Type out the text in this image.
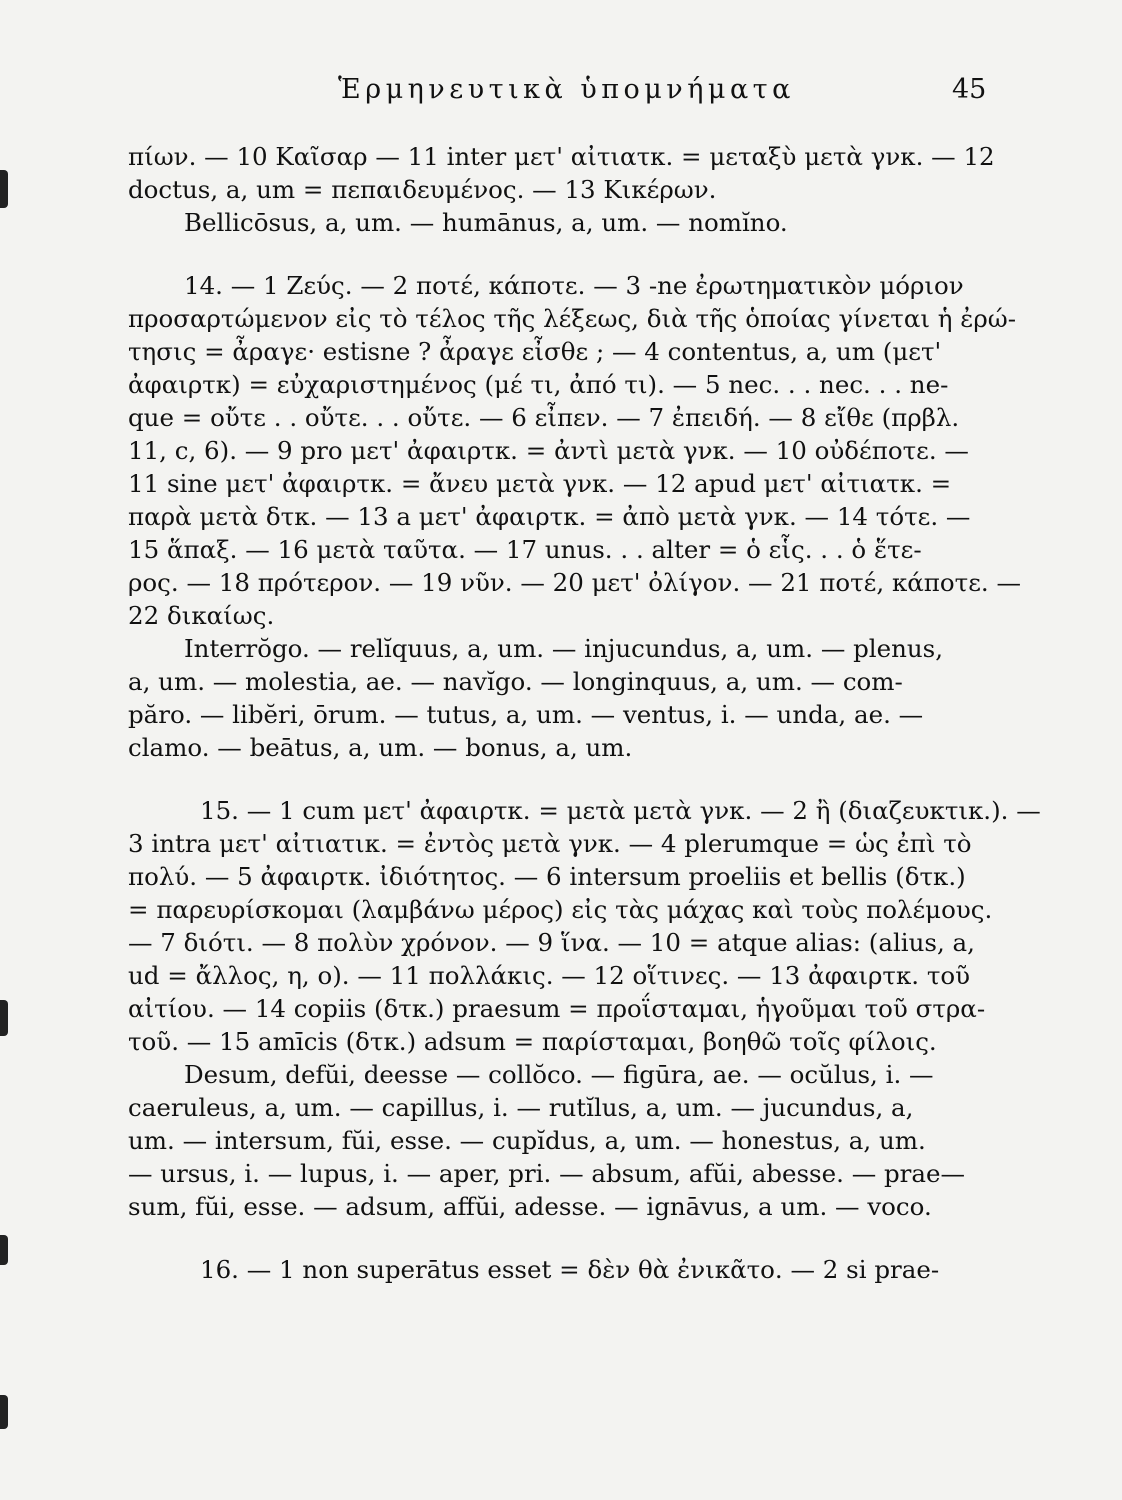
Ἑρμηνευτικὰ ὑπομνήματα	45
πίων. — 10 Καῖσαρ — 11 inter μετ' αἰτιατκ. = μεταξὺ μετὰ γνκ. — 12
doctus, a, um = πεπαιδευμένος. — 13 Κικέρων.
Bellicōsus, a, um. — humānus, a, um. — nomĭno.
14. — 1 Ζεύς. — 2 ποτέ, κάποτε. — 3 -ne ἐρωτηματικὸν μόριον
προσαρτώμενον εἰς τὸ τέλος τῆς λέξεως, διὰ τῆς ὁποίας γίνεται ἡ ἐρώ-
τησις = ἆραγε· estisne ? ἆραγε εἶσθε ; — 4 contentus, a, um (μετ'
ἀφαιρτκ) = εὐχαριστημένος (μέ τι, ἀπό τι). — 5 nec. . . nec. . . ne-
que = οὔτε . . οὔτε. . . οὔτε. — 6 εἶπεν. — 7 ἐπειδή. — 8 εἴθε (πρβλ.
11, c, 6). — 9 pro μετ' ἀφαιρτκ. = ἀντὶ μετὰ γνκ. — 10 οὐδέποτε. —
11 sine μετ' ἀφαιρτκ. = ἄνευ μετὰ γνκ. — 12 apud μετ' αἰτιατκ. =
παρὰ μετὰ δτκ. — 13 a μετ' ἀφαιρτκ. = ἀπὸ μετὰ γνκ. — 14 τότε. —
15 ἅπαξ. — 16 μετὰ ταῦτα. — 17 unus. . . alter = ὁ εἷς. . . ὁ ἕτε-
ρος. — 18 πρότερον. — 19 νῦν. — 20 μετ' ὀλίγον. — 21 ποτέ, κάποτε. —
22 δικαίως.
Interrŏgo. — relĭquus, a, um. — injucundus, a, um. — plenus,
a, um. — molestia, ae. — navĭgo. — longinquus, a, um. — com-
păro. — libĕri, ōrum. — tutus, a, um. — ventus, i. — unda, ae. —
clamo. — beātus, a, um. — bonus, a, um.
15. — 1 cum μετ' ἀφαιρτκ. = μετὰ μετὰ γνκ. — 2 ἢ (διαζευκτικ.). —
3 intra μετ' αἰτιατικ. = ἐντὸς μετὰ γνκ. — 4 plerumque = ὡς ἐπὶ τὸ
πολύ. — 5 ἀφαιρτκ. ἰδιότητος. — 6 intersum proeliis et bellis (δτκ.)
= παρευρίσκομαι (λαμβάνω μέρος) εἰς τὰς μάχας καὶ τοὺς πολέμους.
— 7 διότι. — 8 πολὺν χρόνον. — 9 ἵνα. — 10 = atque alias: (alius, a,
ud = ἄλλος, η, ο). — 11 πολλάκις. — 12 οἵτινες. — 13 ἀφαιρτκ. τοῦ
αἰτίου. — 14 copiis (δτκ.) praesum = προΐσταμαι, ἡγοῦμαι τοῦ στρα-
τοῦ. — 15 amīcis (δτκ.) adsum = παρίσταμαι, βοηθῶ τοῖς φίλοις.
Desum, defŭi, deesse — collŏco. — figūra, ae. — ocŭlus, i. —
caeruleus, a, um. — capillus, i. — rutĭlus, a, um. — jucundus, a,
um. — intersum, fŭi, esse. — cupĭdus, a, um. — honestus, a, um.
— ursus, i. — lupus, i. — aper, pri. — absum, afŭi, abesse. — prae—
sum, fŭi, esse. — adsum, affŭi, adesse. — ignāvus, a um. — voco.
16. — 1 non superātus esset = δὲν θὰ ἐνικᾶτο. — 2 si prae-
